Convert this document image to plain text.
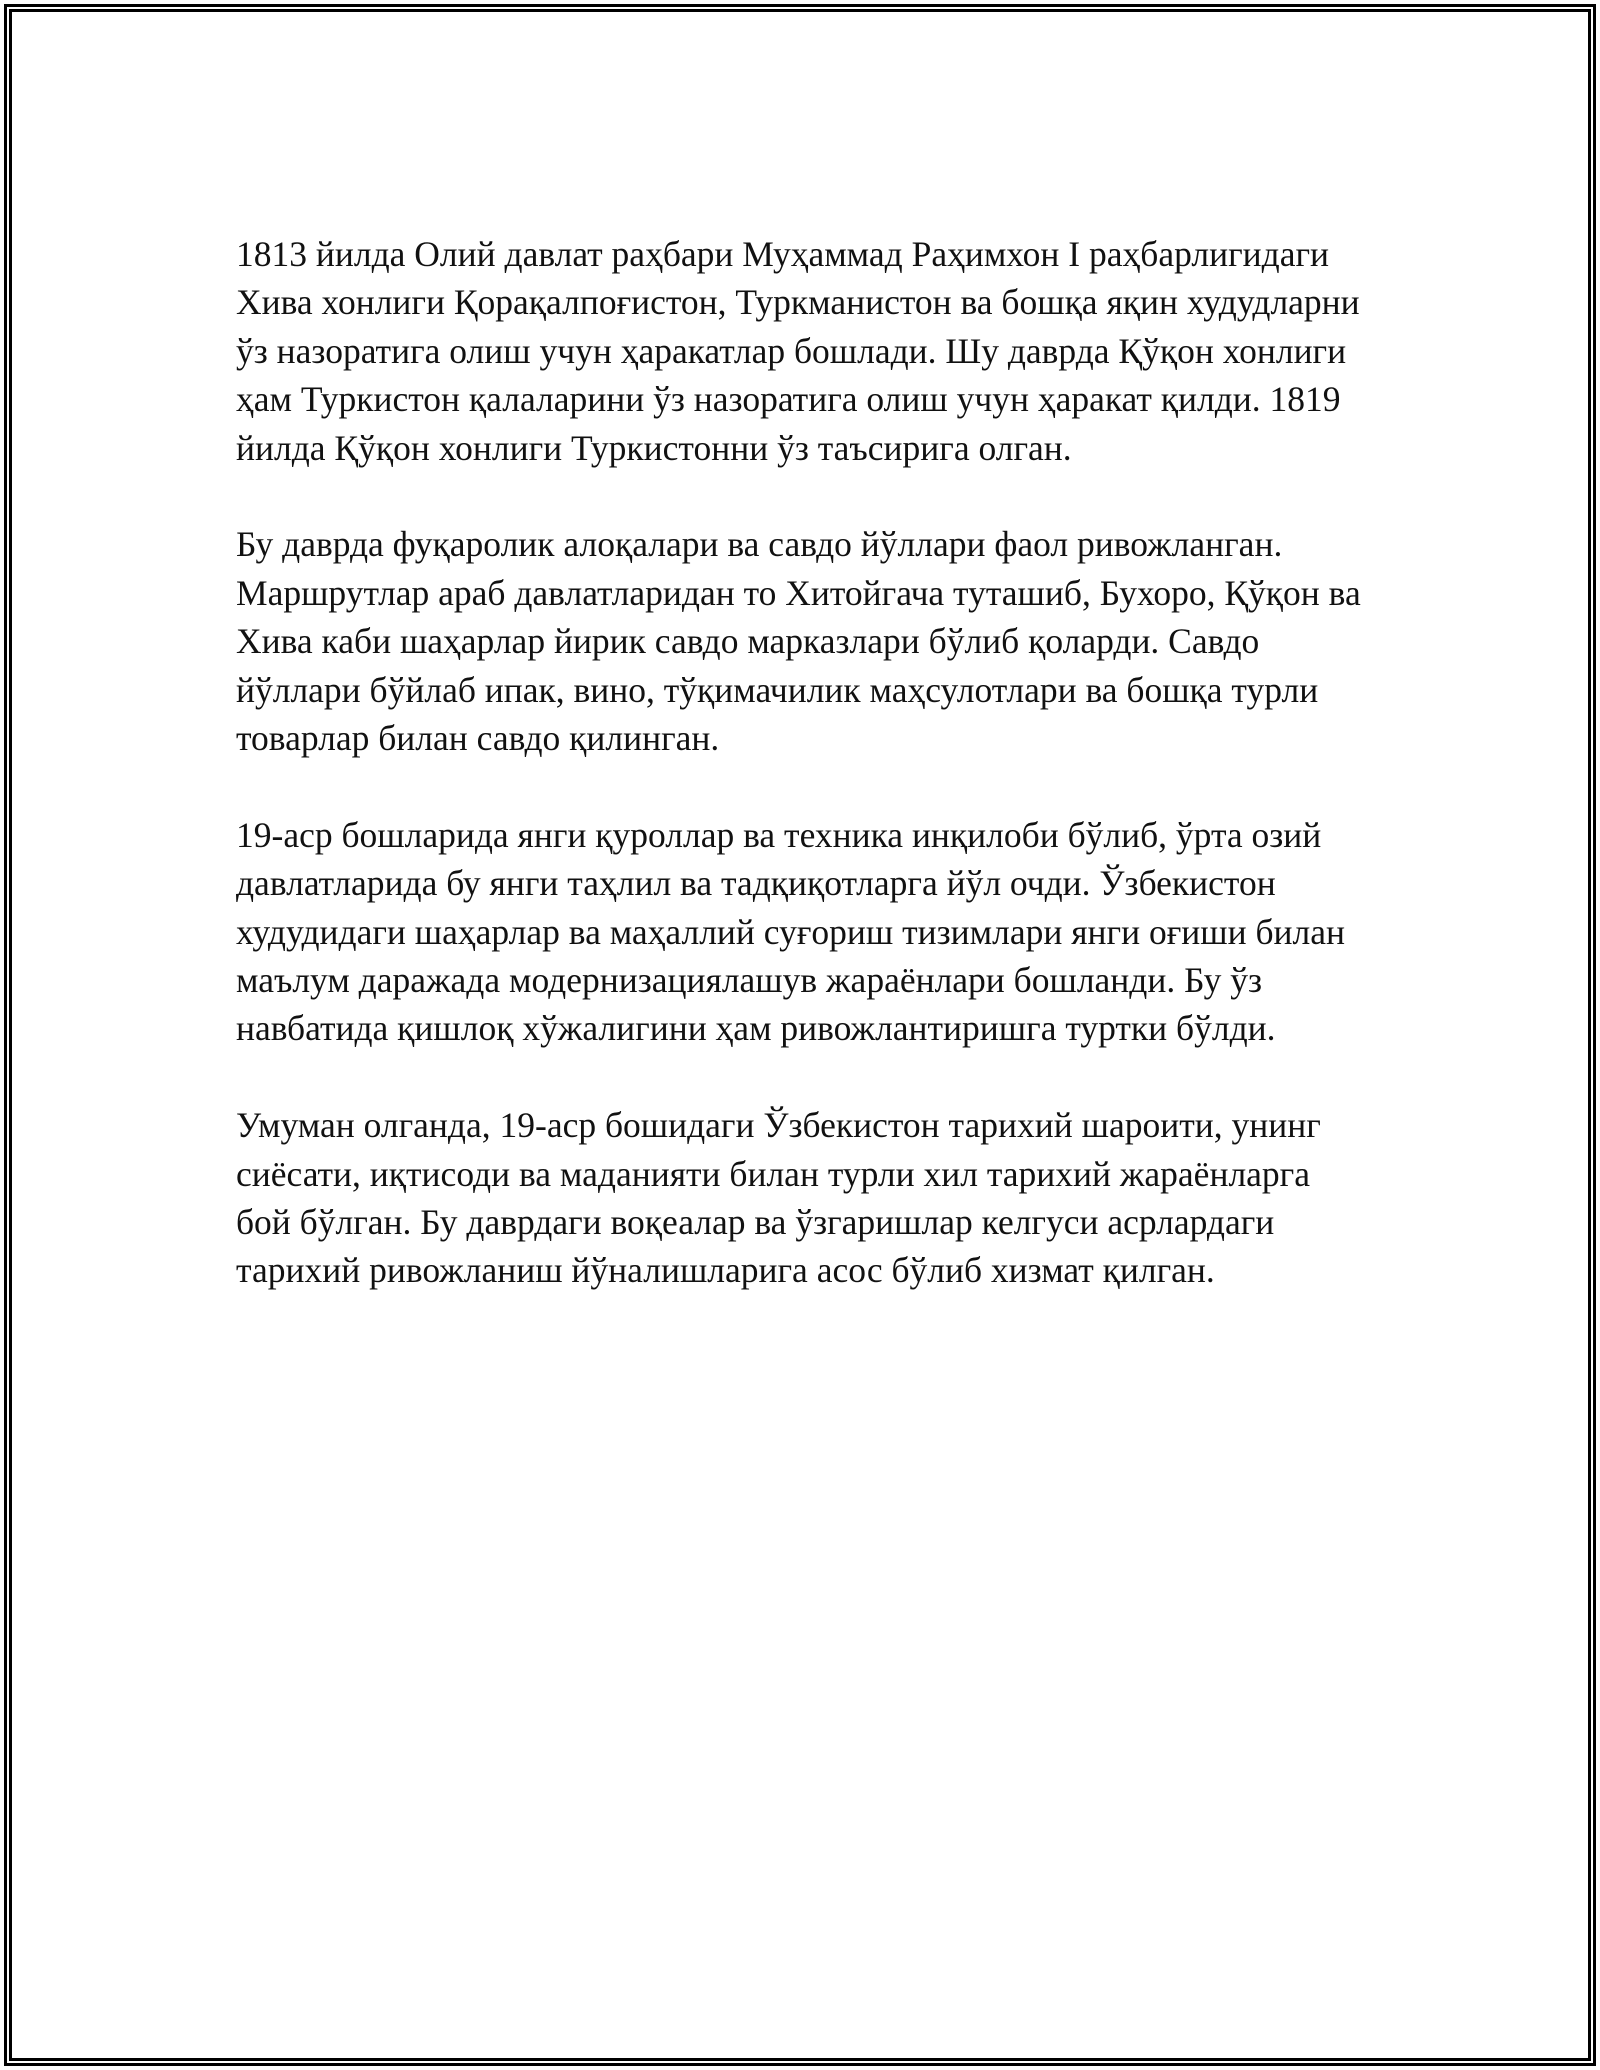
1813 йилда Олий давлат раҳбари Муҳаммад Раҳимхон I раҳбарлигидаги Хива хонлиги Қорақалпоғистон, Туркманистон ва бошқа яқин худудларни ўз назоратига олиш учун ҳаракатлар бошлади. Шу даврда Қўқон хонлиги ҳам Туркистон қалаларини ўз назоратига олиш учун ҳаракат қилди. 1819 йилда Қўқон хонлиги Туркистонни ўз таъсирига олган.

Бу даврда фуқаролик алоқалари ва савдо йўллари фаол ривожланган. Маршрутлар араб давлатларидан то Хитойгача туташиб, Бухоро, Қўқон ва Хива каби шаҳарлар йирик савдо марказлари бўлиб қоларди. Савдо йўллари бўйлаб ипак, вино, тўқимачилик маҳсулотлари ва бошқа турли товарлар билан савдо қилинган.

19-аср бошларида янги қуроллар ва техника инқилоби бўлиб, ўрта озий давлатларида бу янги таҳлил ва тадқиқотларга йўл очди. Ўзбекистон худудидаги шаҳарлар ва маҳаллий суғориш тизимлари янги оғиши билан маълум даражада модернизациялашув жараёнлари бошланди. Бу ўз навбатида қишлоқ хўжалигини ҳам ривожлантиришга туртки бўлди.

Умуман олганда, 19-аср бошидаги Ўзбекистон тарихий шароити, унинг сиёсати, иқтисоди ва маданияти билан турли хил тарихий жараёнларга бой бўлган. Бу даврдаги воқеалар ва ўзгаришлар келгуси асрлардаги тарихий ривожланиш йўналишларига асос бўлиб хизмат қилган.
